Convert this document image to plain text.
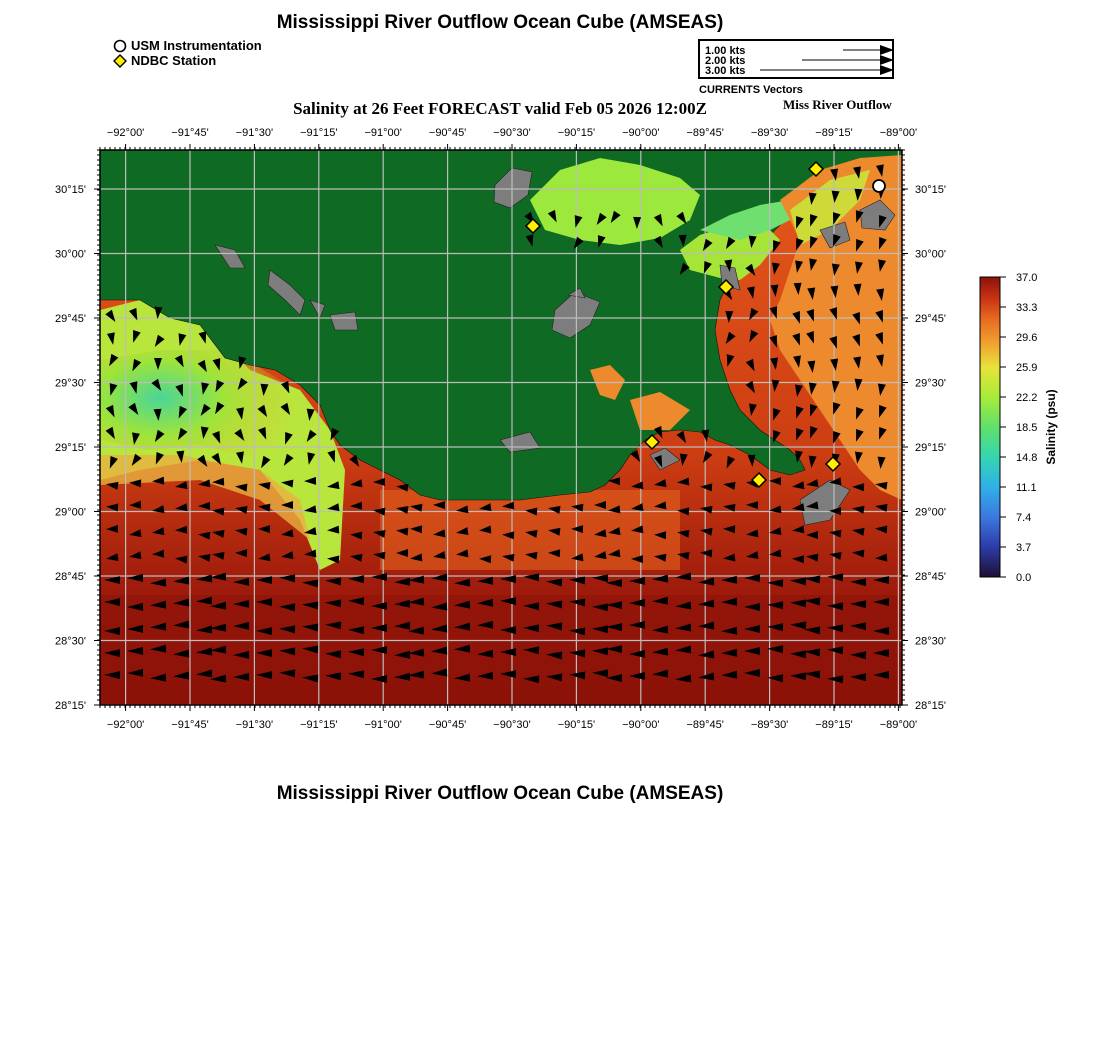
Mississippi River Outflow Ocean Cube (AMSEAS)
USM Instrumentation
NDBC Station
1.00 kts
2.00 kts
3.00 kts
CURRENTS Vectors
Salinity at 26 Feet FORECAST valid Feb 05 2026 12:00Z	Miss River Outflow
−92°00' −91°45' −91°30' −91°15' −91°00' −90°45' −90°30' −90°15' −90°00' −89°45' −89°30' −89°15' −89°00'
−92°00' −91°45' −91°30' −91°15' −91°00' −90°45' −90°30' −90°15' −90°00' −89°45' −89°30' −89°15' −89°00'
30°15'
30°00'
29°45'
29°30'
29°15'
29°00'
28°45'
28°30'
28°15'
30°15'
30°00'
29°45'
29°30'
29°15'
29°00'
28°45'
28°30'
28°15'
37.0
33.3
29.6
25.9
22.2
18.5
14.8
11.1
7.4
3.7
0.0
Salinity (psu)
Mississippi River Outflow Ocean Cube (AMSEAS)
